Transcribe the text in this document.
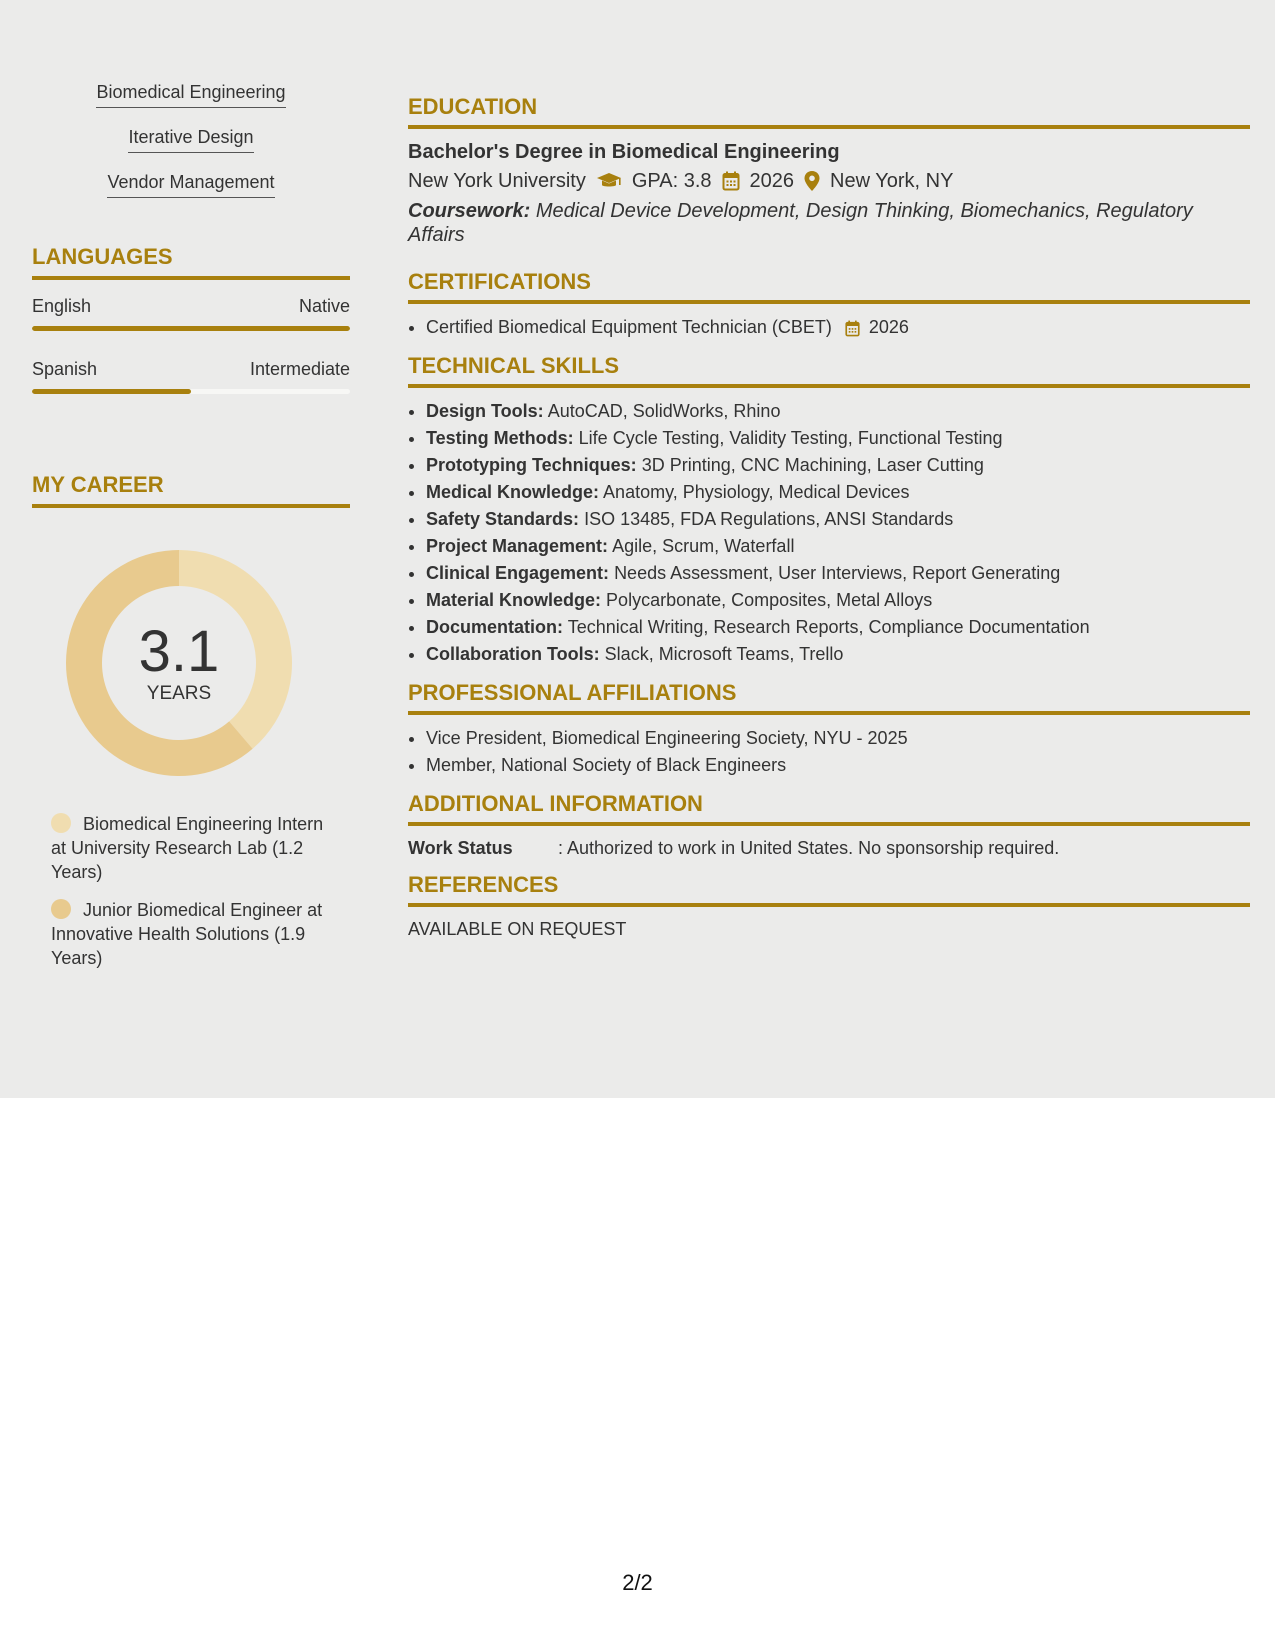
Biomedical Engineering
Iterative Design
Vendor Management
LANGUAGES
English	Native
Spanish	Intermediate
MY CAREER
3.1
YEARS
Biomedical Engineering Intern at University Research Lab (1.2 Years)
Junior Biomedical Engineer at Innovative Health Solutions (1.9 Years)
EDUCATION
Bachelor's Degree in Biomedical Engineering
New York University GPA: 3.8 2026 New York, NY
Coursework: Medical Device Development, Design Thinking, Biomechanics, Regulatory Affairs
CERTIFICATIONS
• Certified Biomedical Equipment Technician (CBET) 2026
TECHNICAL SKILLS
• Design Tools: AutoCAD, SolidWorks, Rhino
• Testing Methods: Life Cycle Testing, Validity Testing, Functional Testing
• Prototyping Techniques: 3D Printing, CNC Machining, Laser Cutting
• Medical Knowledge: Anatomy, Physiology, Medical Devices
• Safety Standards: ISO 13485, FDA Regulations, ANSI Standards
• Project Management: Agile, Scrum, Waterfall
• Clinical Engagement: Needs Assessment, User Interviews, Report Generating
• Material Knowledge: Polycarbonate, Composites, Metal Alloys
• Documentation: Technical Writing, Research Reports, Compliance Documentation
• Collaboration Tools: Slack, Microsoft Teams, Trello
PROFESSIONAL AFFILIATIONS
• Vice President, Biomedical Engineering Society, NYU - 2025
• Member, National Society of Black Engineers
ADDITIONAL INFORMATION
Work Status	: Authorized to work in United States. No sponsorship required.
REFERENCES
AVAILABLE ON REQUEST
2/2
